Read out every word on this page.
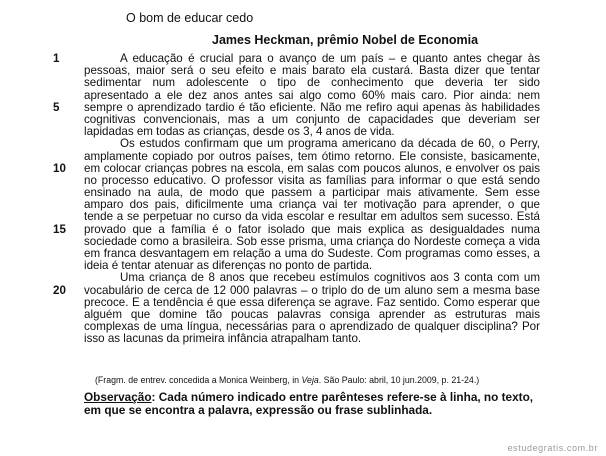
O bom de educar cedo
James Heckman, prêmio Nobel de Economia
1	A educação é crucial para o avanço de um país – e quanto antes chegar às
pessoas, maior será o seu efeito e mais barato ela custará. Basta dizer que tentar
sedimentar num adolescente o tipo de conhecimento que deveria ter sido
apresentado a ele dez anos antes sai algo como 60% mais caro. Pior ainda: nem
5 sempre o aprendizado tardio é tão eficiente. Não me refiro aqui apenas às habilidades
cognitivas convencionais, mas a um conjunto de capacidades que deveriam ser
lapidadas em todas as crianças, desde os 3, 4 anos de vida.
Os estudos confirmam que um programa americano da década de 60, o Perry,
amplamente copiado por outros países, tem ótimo retorno. Ele consiste, basicamente,
10 em colocar crianças pobres na escola, em salas com poucos alunos, e envolver os pais
no processo educativo. O professor visita as famílias para informar o que está sendo
ensinado na aula, de modo que passem a participar mais ativamente. Sem esse
amparo dos pais, dificilmente uma criança vai ter motivação para aprender, o que
tende a se perpetuar no curso da vida escolar e resultar em adultos sem sucesso. Está
15 provado que a família é o fator isolado que mais explica as desigualdades numa
sociedade como a brasileira. Sob esse prisma, uma criança do Nordeste começa a vida
em franca desvantagem em relação a uma do Sudeste. Com programas como esses, a
ideia é tentar atenuar as diferenças no ponto de partida.
Uma criança de 8 anos que recebeu estímulos cognitivos aos 3 conta com um
20 vocabulário de cerca de 12 000 palavras – o triplo do de um aluno sem a mesma base
precoce. E a tendência é que essa diferença se agrave. Faz sentido. Como esperar que
alguém que domine tão poucas palavras consiga aprender as estruturas mais
complexas de uma língua, necessárias para o aprendizado de qualquer disciplina? Por
isso as lacunas da primeira infância atrapalham tanto.
(Fragm. de entrev. concedida a Monica Weinberg, in Veja. São Paulo: abril, 10 jun.2009, p. 21-24.)
Observação: Cada número indicado entre parênteses refere-se à linha, no texto, em que se encontra a palavra, expressão ou frase sublinhada.
estudegratis.com.br
